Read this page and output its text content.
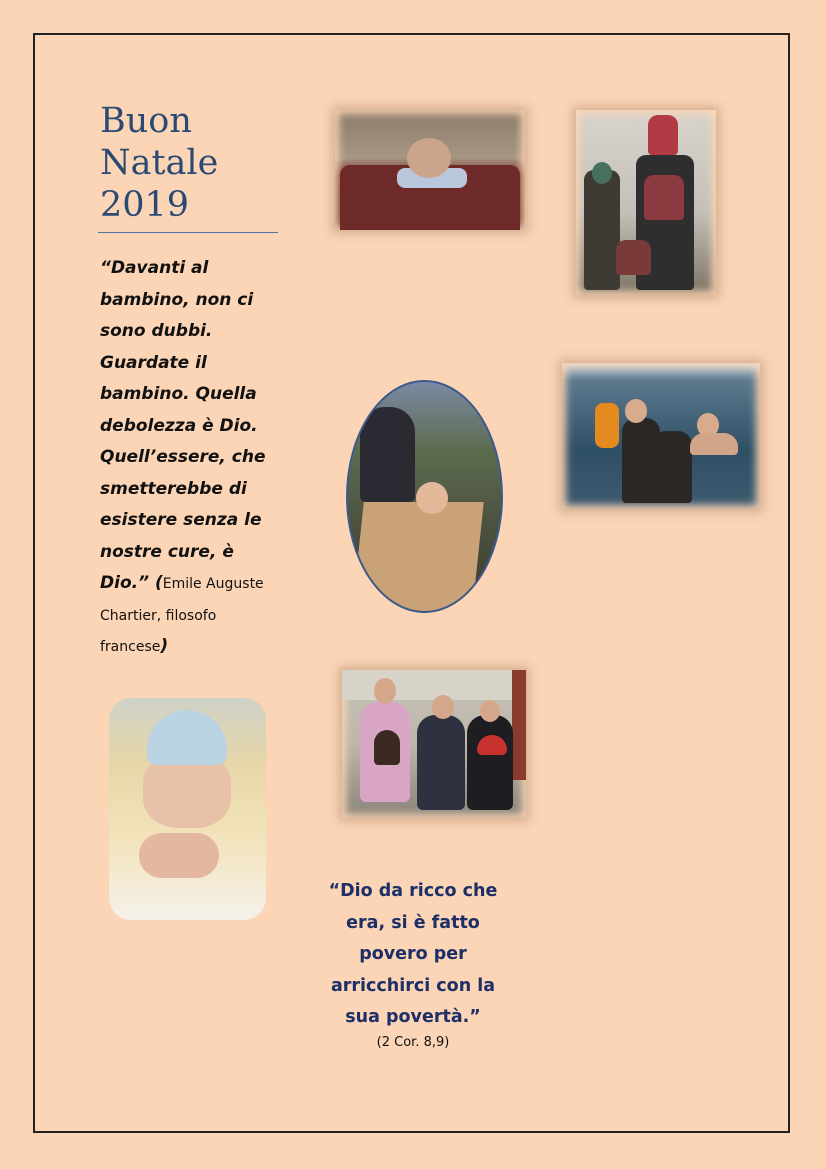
Buon
Natale
2019
“Davanti al bambino, non ci sono dubbi. Guardate il bambino. Quella debolezza è Dio. Quell’essere, che smetterebbe di esistere senza le nostre cure, è Dio.” (Emile Auguste Chartier, filosofo francese)
“Dio da ricco che era, si è fatto povero per arricchirci con la sua povertà.”
(2 Cor. 8,9)
